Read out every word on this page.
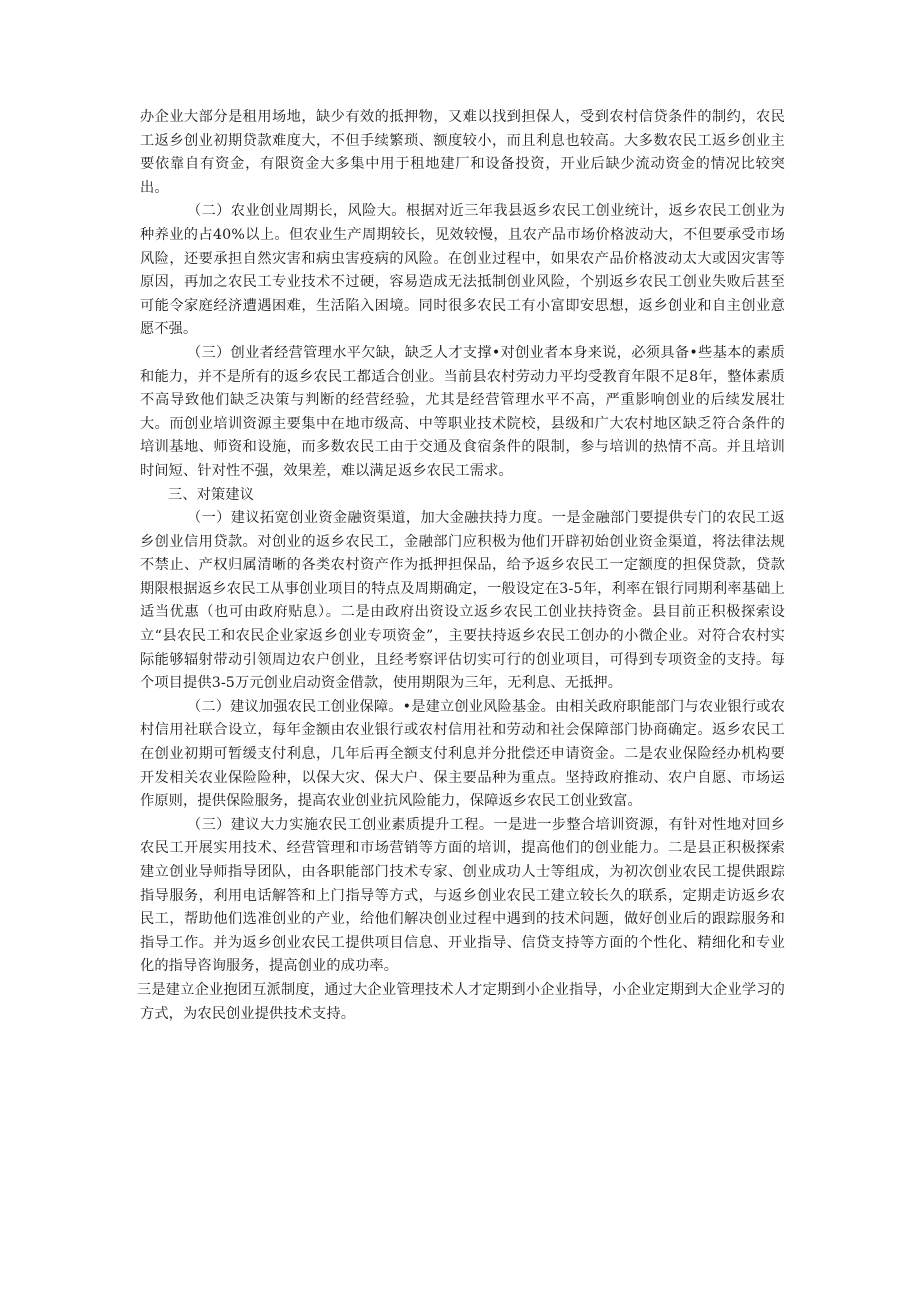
办企业大部分是租用场地，缺少有效的抵押物，又难以找到担保人，受到农村信贷条件的制约，农民工返乡创业初期贷款难度大，不但手续繁琐、额度较小，而且利息也较高。大多数农民工返乡创业主要依靠自有资金，有限资金大多集中用于租地建厂和设备投资，开业后缺少流动资金的情况比较突出。

（二）农业创业周期长，风险大。根据对近三年我县返乡农民工创业统计，返乡农民工创业为种养业的占40%以上。但农业生产周期较长，见效较慢，且农产品市场价格波动大，不但要承受市场风险，还要承担自然灾害和病虫害疫病的风险。在创业过程中，如果农产品价格波动太大或因灾害等原因，再加之农民工专业技术不过硬，容易造成无法抵制创业风险，个别返乡农民工创业失败后甚至可能令家庭经济遭遇困难，生活陷入困境。同时很多农民工有小富即安思想，返乡创业和自主创业意愿不强。

（三）创业者经营管理水平欠缺，缺乏人才支撑•对创业者本身来说，必须具备•些基本的素质和能力，并不是所有的返乡农民工都适合创业。当前县农村劳动力平均受教育年限不足8年，整体素质不高导致他们缺乏决策与判断的经营经验，尤其是经营管理水平不高，严重影响创业的后续发展壮大。而创业培训资源主要集中在地市级高、中等职业技术院校，县级和广大农村地区缺乏符合条件的培训基地、师资和设施，而多数农民工由于交通及食宿条件的限制，参与培训的热情不高。并且培训时间短、针对性不强，效果差，难以满足返乡农民工需求。

三、对策建议

（一）建议拓宽创业资金融资渠道，加大金融扶持力度。一是金融部门要提供专门的农民工返乡创业信用贷款。对创业的返乡农民工，金融部门应积极为他们开辟初始创业资金渠道，将法律法规不禁止、产权归属清晰的各类农村资产作为抵押担保品，给予返乡农民工一定额度的担保贷款，贷款期限根据返乡农民工从事创业项目的特点及周期确定，一般设定在3-5年，利率在银行同期利率基础上适当优惠（也可由政府贴息）。二是由政府出资设立返乡农民工创业扶持资金。县目前正积极探索设立“县农民工和农民企业家返乡创业专项资金”，主要扶持返乡农民工创办的小微企业。对符合农村实际能够辐射带动引领周边农户创业，且经考察评估切实可行的创业项目，可得到专项资金的支持。每个项目提供3-5万元创业启动资金借款，使用期限为三年，无利息、无抵押。

（二）建议加强农民工创业保障。•是建立创业风险基金。由相关政府职能部门与农业银行或农村信用社联合设立，每年金额由农业银行或农村信用社和劳动和社会保障部门协商确定。返乡农民工在创业初期可暂缓支付利息，几年后再全额支付利息并分批偿还申请资金。二是农业保险经办机构要开发相关农业保险险种，以保大灾、保大户、保主要品种为重点。坚持政府推动、农户自愿、市场运作原则，提供保险服务，提高农业创业抗风险能力，保障返乡农民工创业致富。

（三）建议大力实施农民工创业素质提升工程。一是进一步整合培训资源，有针对性地对回乡农民工开展实用技术、经营管理和市场营销等方面的培训，提高他们的创业能力。二是县正积极探索建立创业导师指导团队，由各职能部门技术专家、创业成功人士等组成，为初次创业农民工提供跟踪指导服务，利用电话解答和上门指导等方式，与返乡创业农民工建立较长久的联系，定期走访返乡农民工，帮助他们选准创业的产业，给他们解决创业过程中遇到的技术问题，做好创业后的跟踪服务和指导工作。并为返乡创业农民工提供项目信息、开业指导、信贷支持等方面的个性化、精细化和专业化的指导咨询服务，提高创业的成功率。

三是建立企业抱团互派制度，通过大企业管理技术人才定期到小企业指导，小企业定期到大企业学习的方式，为农民创业提供技术支持。
